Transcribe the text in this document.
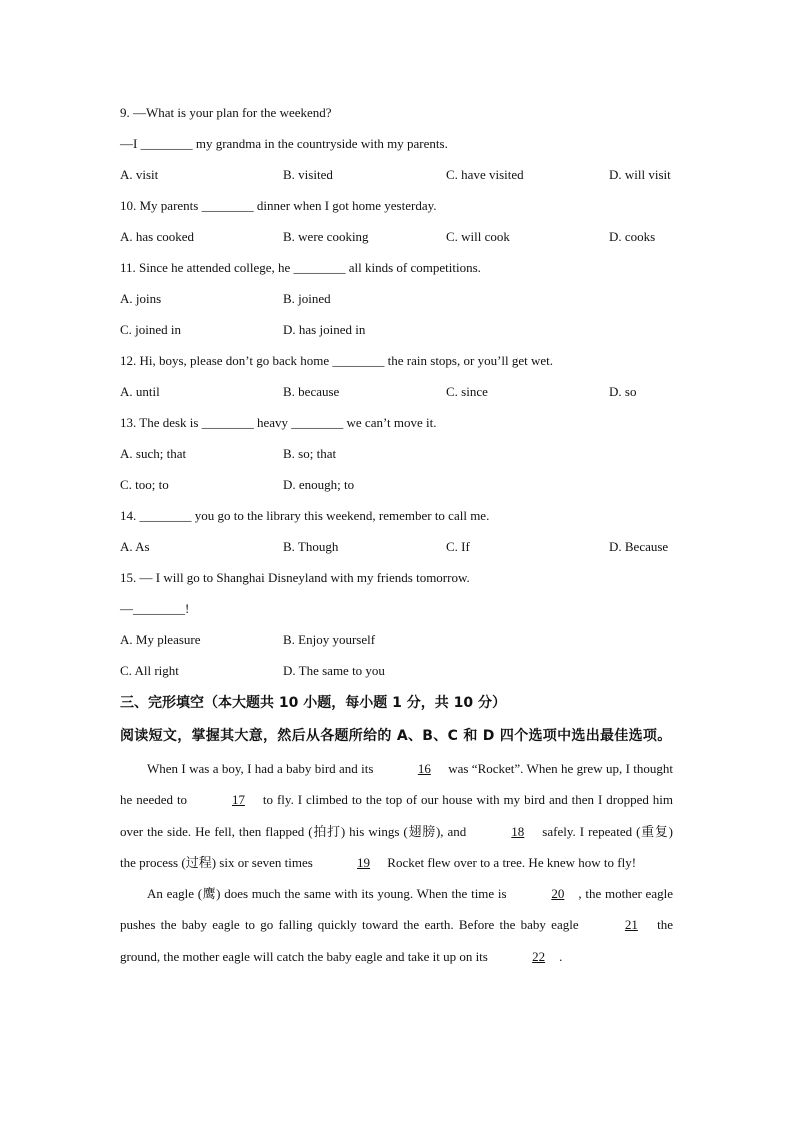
9. —What is your plan for the weekend?
—I ________ my grandma in the countryside with my parents.
A. visit	B. visited	C. have visited	D. will visit
10. My parents ________ dinner when I got home yesterday.
A. has cooked	B. were cooking	C. will cook	D. cooks
11. Since he attended college, he ________ all kinds of competitions.
A. joins	B. joined
C. joined in	D. has joined in
12. Hi, boys, please don’t go back home ________ the rain stops, or you’ll get wet.
A. until	B. because	C. since	D. so
13. The desk is ________ heavy ________ we can’t move it.
A. such; that	B. so; that
C. too; to	D. enough; to
14. ________ you go to the library this weekend, remember to call me.
A. As	B. Though	C. If	D. Because
15. — I will go to Shanghai Disneyland with my friends tomorrow.
—________!
A. My pleasure	B. Enjoy yourself
C. All right	D. The same to you
三、完形填空（本大题共 10 小题，每小题 1 分，共 10 分）
阅读短文，掌握其大意，然后从各题所给的 A、B、C 和 D 四个选项中选出最佳选项。

When I was a boy, I had a baby bird and its	16 was “Rocket”. When he grew up, I thought he needed to	17 to fly. I climbed to the top of our house with my bird and then I dropped him over the side. He fell, then flapped (拍打) his wings (翅膀), and	18 safely. I repeated (重复) the process (过程) six or seven times	19 Rocket flew over to a tree. He knew how to fly!

An eagle (鹰) does much the same with its young. When the time is	20 , the mother eagle pushes the baby eagle to go falling quickly toward the earth. Before the baby eagle	21 the ground, the mother eagle will catch the baby eagle and take it up on its	22 .
